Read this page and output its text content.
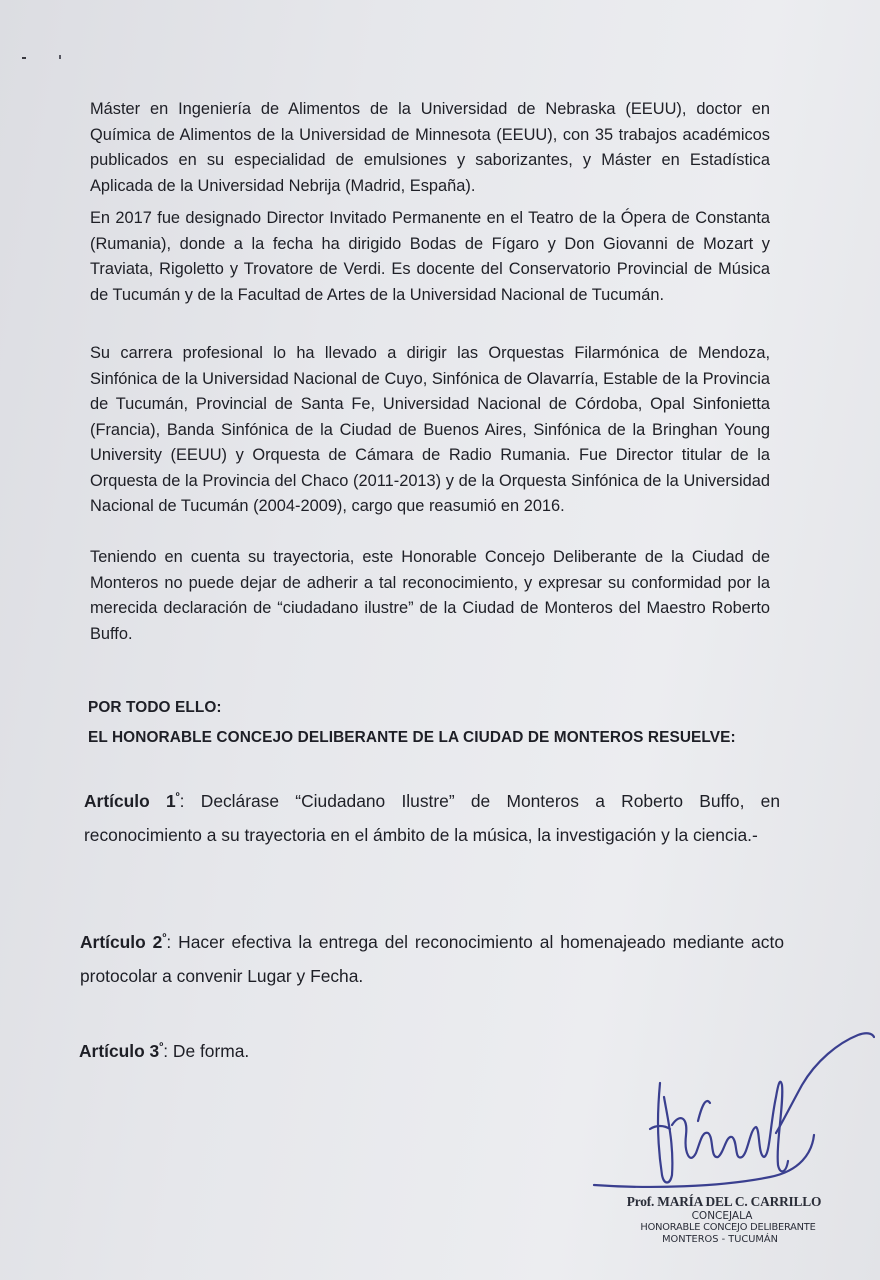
Máster en Ingeniería de Alimentos de la Universidad de Nebraska (EEUU), doctor en Química de Alimentos de la Universidad de Minnesota (EEUU), con 35 trabajos académicos publicados en su especialidad de emulsiones y saborizantes, y Máster en Estadística Aplicada de la Universidad Nebrija (Madrid, España).

En 2017 fue designado Director Invitado Permanente en el Teatro de la Ópera de Constanta (Rumania), donde a la fecha ha dirigido Bodas de Fígaro y Don Giovanni de Mozart y Traviata, Rigoletto y Trovatore de Verdi. Es docente del Conservatorio Provincial de Música de Tucumán y de la Facultad de Artes de la Universidad Nacional de Tucumán.

Su carrera profesional lo ha llevado a dirigir las Orquestas Filarmónica de Mendoza, Sinfónica de la Universidad Nacional de Cuyo, Sinfónica de Olavarría, Estable de la Provincia de Tucumán, Provincial de Santa Fe, Universidad Nacional de Córdoba, Opal Sinfonietta (Francia), Banda Sinfónica de la Ciudad de Buenos Aires, Sinfónica de la Bringhan Young University (EEUU) y Orquesta de Cámara de Radio Rumania. Fue Director titular de la Orquesta de la Provincia del Chaco (2011-2013) y de la Orquesta Sinfónica de la Universidad Nacional de Tucumán (2004-2009), cargo que reasumió en 2016.

Teniendo en cuenta su trayectoria, este Honorable Concejo Deliberante de la Ciudad de Monteros no puede dejar de adherir a tal reconocimiento, y expresar su conformidad por la merecida declaración de “ciudadano ilustre” de la Ciudad de Monteros del Maestro Roberto Buffo.

POR TODO ELLO:

EL HONORABLE CONCEJO DELIBERANTE DE LA CIUDAD DE MONTEROS RESUELVE:

Artículo $1^º$: Declárase “Ciudadano Ilustre” de Monteros a Roberto Buffo, en reconocimiento a su trayectoria en el ámbito de la música, la investigación y la ciencia.-

Artículo $2^º$: Hacer efectiva la entrega del reconocimiento al homenajeado mediante acto protocolar a convenir Lugar y Fecha.

Artículo $3^º$: De forma.

Prof. MARÍA DEL C. CARRILLO
CONCEJALA
HONORABLE CONCEJO DELIBERANTE
MONTEROS - TUCUMÁN
